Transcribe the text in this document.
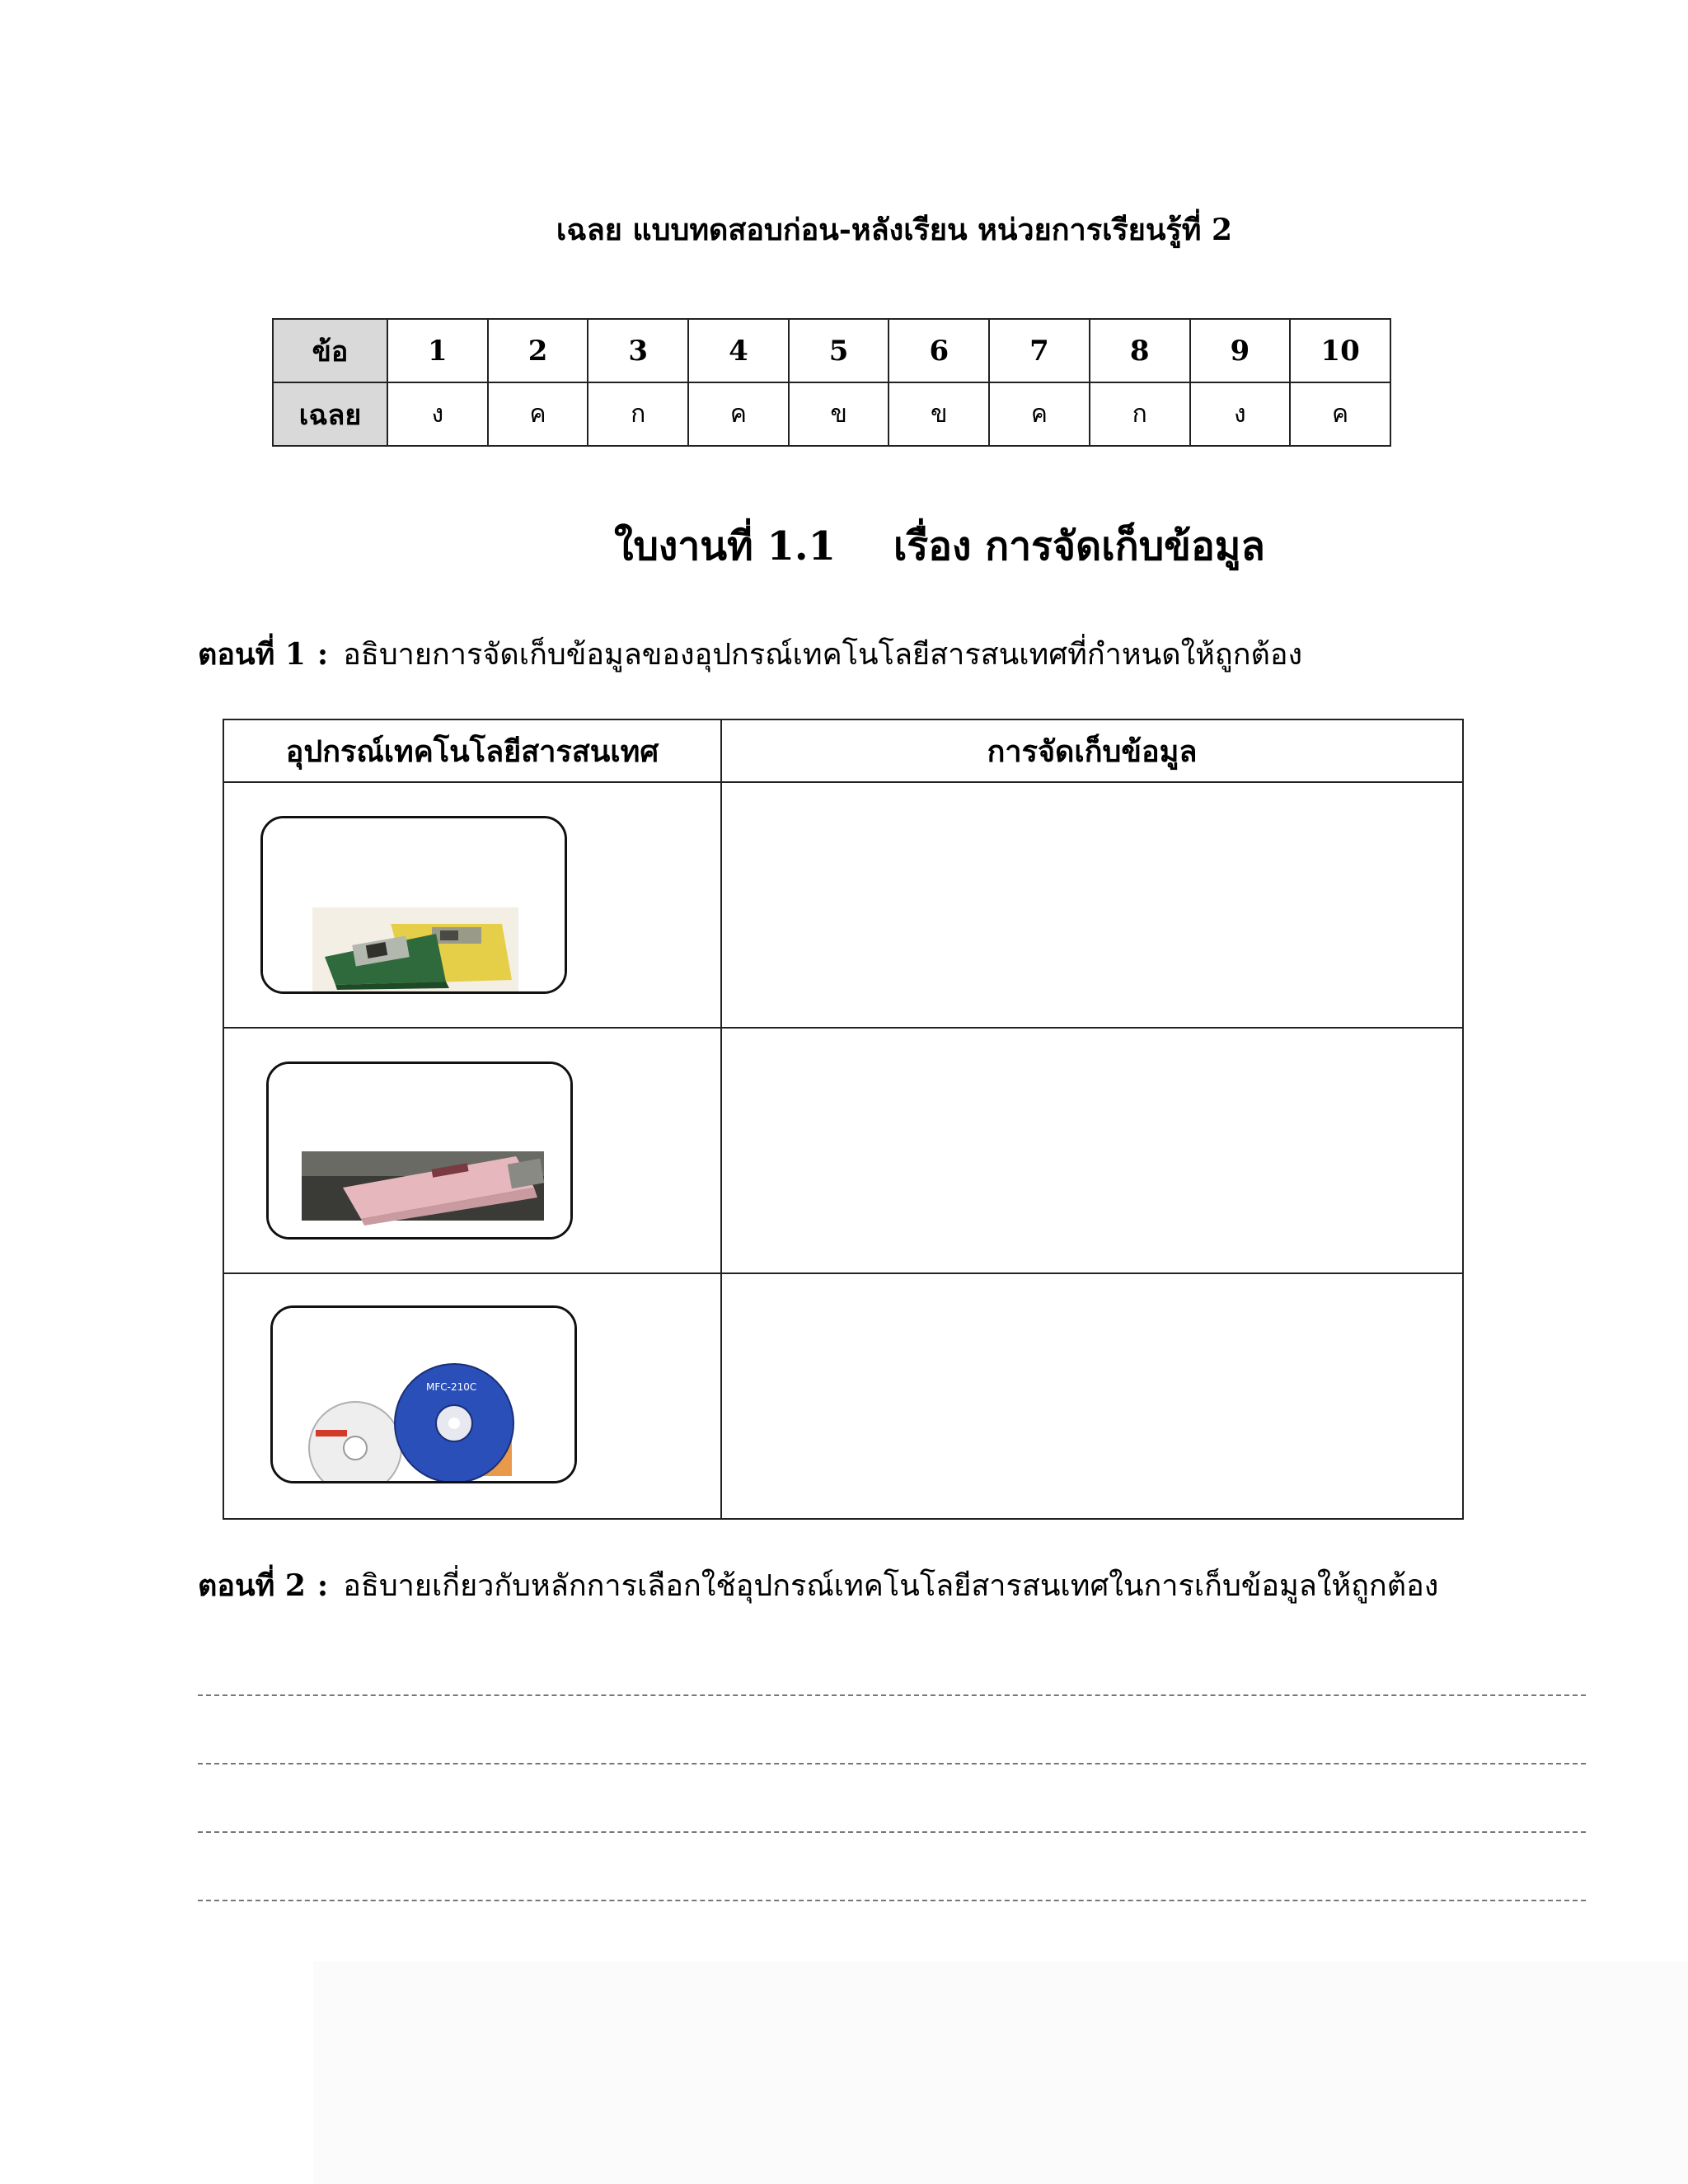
เฉลย แบบทดสอบก่อน-หลังเรียน หน่วยการเรียนรู้ที่ 2
ข้อ	1	2	3	4	5	6	7	8	9	10
เฉลย	ง	ค	ก	ค	ข	ข	ค	ก	ง	ค
ใบงานที่ 1.1 เรื่อง การจัดเก็บข้อมูล
ตอนที่ 1 : อธิบายการจัดเก็บข้อมูลของอุปกรณ์เทคโนโลยีสารสนเทศที่กำหนดให้ถูกต้อง
อุปกรณ์เทคโนโลยีสารสนเทศ	การจัดเก็บข้อมูล

MFC-210C	

ตอนที่ 2 : อธิบายเกี่ยวกับหลักการเลือกใช้อุปกรณ์เทคโนโลยีสารสนเทศในการเก็บข้อมูลให้ถูกต้อง
